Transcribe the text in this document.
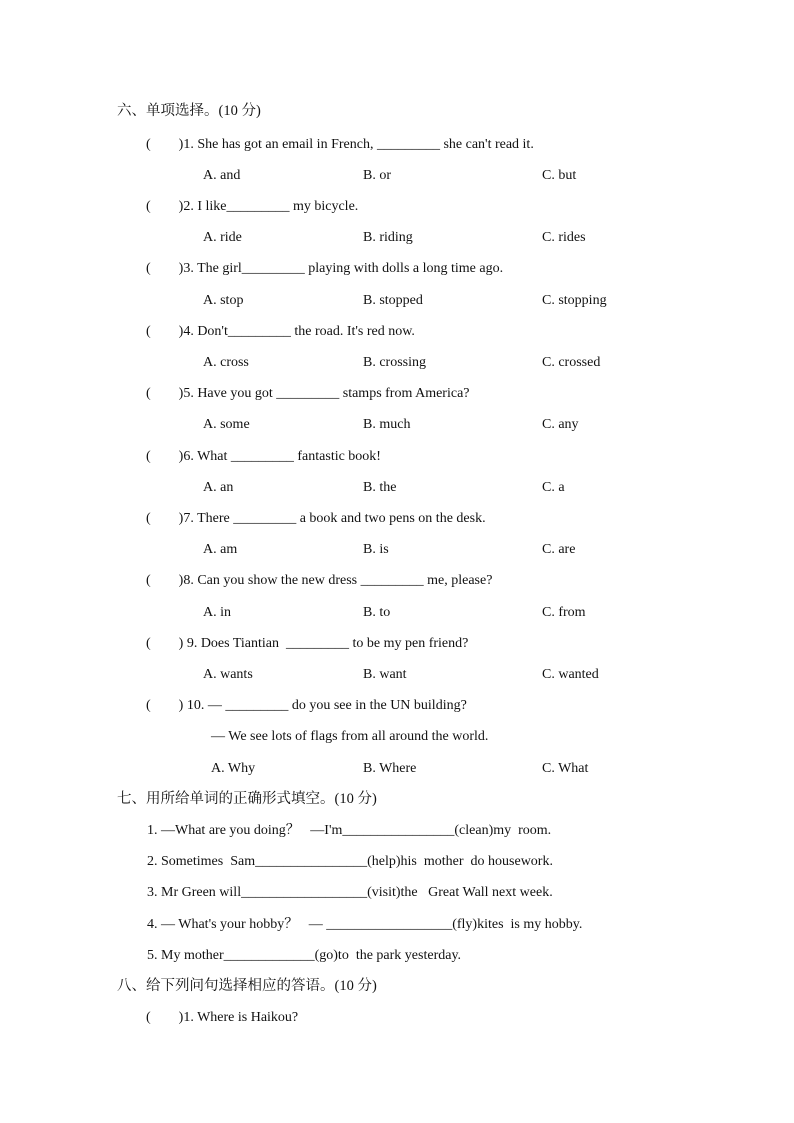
六、单项选择。(10 分)
(        )1. She has got an email in French, _________ she can't read it.
A. and	B. or	C. but
(        )2. I like_________ my bicycle.
A. ride	B. riding	C. rides
(        )3. The girl_________ playing with dolls a long time ago.
A. stop	B. stopped	C. stopping
(        )4. Don't_________ the road. It's red now.
A. cross	B. crossing	C. crossed
(        )5. Have you got _________ stamps from America?
A. some	B. much	C. any
(        )6. What _________ fantastic book!
A. an	B. the	C. a
(        )7. There _________ a book and two pens on the desk.
A. am	B. is	C. are
(        )8. Can you show the new dress _________ me, please?
A. in	B. to	C. from
(        ) 9. Does Tiantian  _________ to be my pen friend?
A. wants	B. want	C. wanted
(        ) 10. — _________ do you see in the UN building?
— We see lots of flags from all around the world.
A. Why	B. Where	C. What
七、用所给单词的正确形式填空。(10 分)
1. —What are you doing？   —I'm________________(clean)my  room.
2. Sometimes  Sam________________(help)his  mother  do housework.
3. Mr Green will__________________(visit)the   Great Wall next week.
4. — What's your hobby？   — __________________(fly)kites  is my hobby.
5. My mother_____________(go)to  the park yesterday.
八、给下列问句选择相应的答语。(10 分)
(        )1. Where is Haikou?
